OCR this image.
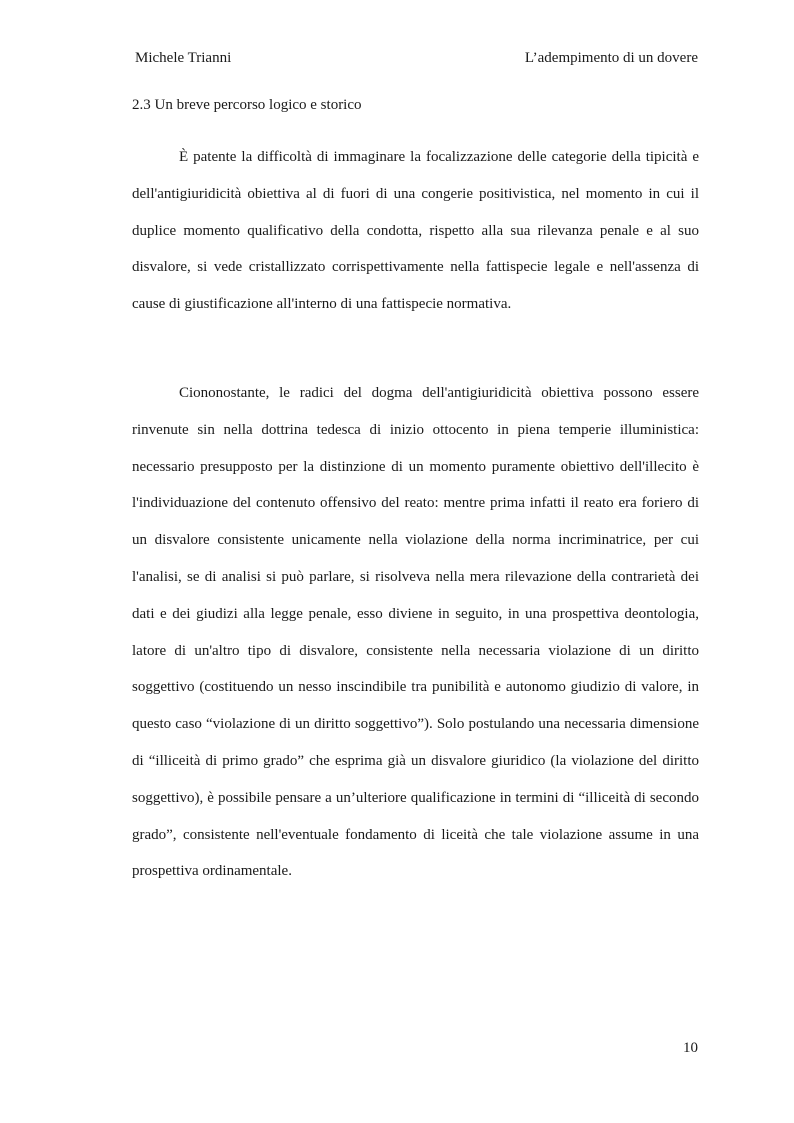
Michele Trianni	L’adempimento di un dovere
2.3 Un breve percorso logico e storico

È patente la difficoltà di immaginare la focalizzazione delle categorie della tipicità e dell'antigiuridicità obiettiva al di fuori di una congerie positivistica, nel momento in cui il duplice momento qualificativo della condotta, rispetto alla sua rilevanza penale e al suo disvalore, si vede cristallizzato corrispettivamente nella fattispecie legale e nell'assenza di cause di giustificazione all'interno di una fattispecie normativa.

Ciononostante, le radici del dogma dell'antigiuridicità obiettiva possono essere rinvenute sin nella dottrina tedesca di inizio ottocento in piena temperie illuministica: necessario presupposto per la distinzione di un momento puramente obiettivo dell'illecito è l'individuazione del contenuto offensivo del reato: mentre prima infatti il reato era foriero di un disvalore consistente unicamente nella violazione della norma incriminatrice, per cui l'analisi, se di analisi si può parlare, si risolveva nella mera rilevazione della contrarietà dei dati e dei giudizi alla legge penale, esso diviene in seguito, in una prospettiva deontologia, latore di un'altro tipo di disvalore, consistente nella necessaria violazione di un diritto soggettivo (costituendo un nesso inscindibile tra punibilità e autonomo giudizio di valore, in questo caso “violazione di un diritto soggettivo”). Solo postulando una necessaria dimensione di “illiceità di primo grado” che esprima già un disvalore giuridico (la violazione del diritto soggettivo), è possibile pensare a un’ulteriore qualificazione in termini di “illiceità di secondo grado”, consistente nell'eventuale fondamento di liceità che tale violazione assume in una prospettiva ordinamentale.

10
